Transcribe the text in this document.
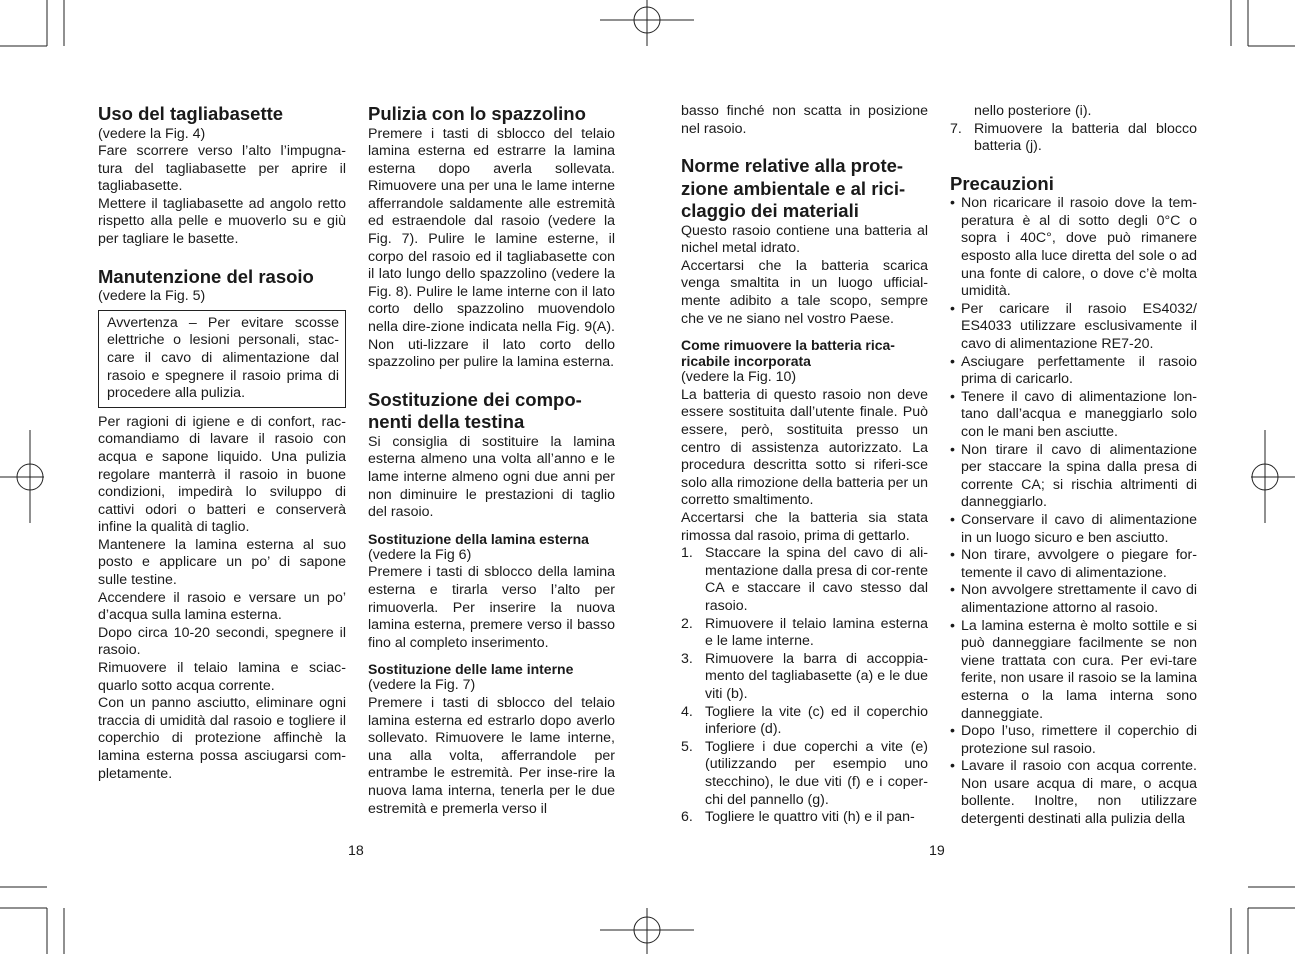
Uso del tagliabasette

(vedere la Fig. 4)

Fare scorrere verso l’alto l’impugna-tura del tagliabasette per aprire il tagliabasette.

Mettere il tagliabasette ad angolo retto rispetto alla pelle e muoverlo su e giù per tagliare le basette.

Manutenzione del rasoio

(vedere la Fig. 5)

Avvertenza – Per evitare scosse elettriche o lesioni personali, stac-care il cavo di alimentazione dal rasoio e spegnere il rasoio prima di procedere alla pulizia.

Per ragioni di igiene e di confort, rac-comandiamo di lavare il rasoio con acqua e sapone liquido. Una pulizia regolare manterrà il rasoio in buone condizioni, impedirà lo sviluppo di cattivi odori o batteri e conserverà infine la qualità di taglio.

Mantenere la lamina esterna al suo posto e applicare un po’ di sapone sulle testine.

Accendere il rasoio e versare un po’ d’acqua sulla lamina esterna.

Dopo circa 10-20 secondi, spegnere il rasoio.

Rimuovere il telaio lamina e sciac-quarlo sotto acqua corrente.

Con un panno asciutto, eliminare ogni traccia di umidità dal rasoio e togliere il coperchio di protezione affinchè la lamina esterna possa asciugarsi com-pletamente.

Pulizia con lo spazzolino

Premere i tasti di sblocco del telaio lamina esterna ed estrarre la lamina esterna dopo averla sollevata. Rimuovere una per una le lame interne afferrandole saldamente alle estremità ed estraendole dal rasoio (vedere la Fig. 7). Pulire le lamine esterne, il corpo del rasoio ed il tagliabasette con il lato lungo dello spazzolino (vedere la Fig. 8). Pulire le lame interne con il lato corto dello spazzolino muovendolo nella dire-zione indicata nella Fig. 9(A). Non uti-lizzare il lato corto dello spazzolino per pulire la lamina esterna.

Sostituzione dei compo-nenti della testina

Si consiglia di sostituire la lamina esterna almeno una volta all’anno e le lame interne almeno ogni due anni per non diminuire le prestazioni di taglio del rasoio.

Sostituzione della lamina esterna

(vedere la Fig 6)

Premere i tasti di sblocco della lamina esterna e tirarla verso l’alto per rimuoverla. Per inserire la nuova lamina esterna, premere verso il basso fino al completo inserimento.

Sostituzione delle lame interne

(vedere la Fig. 7)

Premere i tasti di sblocco del telaio lamina esterna ed estrarlo dopo averlo sollevato. Rimuovere le lame interne, una alla volta, afferrandole per entrambe le estremità. Per inse-rire la nuova lama interna, tenerla per le due estremità e premerla verso il

basso finché non scatta in posizione nel rasoio.

Norme relative alla prote-zione ambientale e al rici-claggio dei materiali

Questo rasoio contiene una batteria al nichel metal idrato.

Accertarsi che la batteria scarica venga smaltita in un luogo ufficial-mente adibito a tale scopo, sempre che ve ne siano nel vostro Paese.

Come rimuovere la batteria rica-ricabile incorporata

(vedere la Fig. 10)

La batteria di questo rasoio non deve essere sostituita dall’utente finale. Può essere, però, sostituita presso un centro di assistenza autorizzato. La procedura descritta sotto si riferi-sce solo alla rimozione della batteria per un corretto smaltimento.

Accertarsi che la batteria sia stata rimossa dal rasoio, prima di gettarlo.

1. Staccare la spina del cavo di ali-mentazione dalla presa di cor-rente CA e staccare il cavo stesso dal rasoio.
2. Rimuovere il telaio lamina esterna e le lame interne.
3. Rimuovere la barra di accoppia-mento del tagliabasette (a) e le due viti (b).
4. Togliere la vite (c) ed il coperchio inferiore (d).
5. Togliere i due coperchi a vite (e) (utilizzando per esempio uno stecchino), le due viti (f) e i coper-chi del pannello (g).
6. Togliere le quattro viti (h) e il pan-
nello posteriore (i).
7. Rimuovere la batteria dal blocco batteria (j).
Precauzioni
• Non ricaricare il rasoio dove la tem-peratura è al di sotto degli 0°C o sopra i 40C°, dove può rimanere esposto alla luce diretta del sole o ad una fonte di calore, o dove c’è molta umidità.
• Per caricare il rasoio ES4032/ ES4033 utilizzare esclusivamente il cavo di alimentazione RE7-20.
• Asciugare perfettamente il rasoio prima di caricarlo.
• Tenere il cavo di alimentazione lon-tano dall’acqua e maneggiarlo solo con le mani ben asciutte.
• Non tirare il cavo di alimentazione per staccare la spina dalla presa di corrente CA; si rischia altrimenti di danneggiarlo.
• Conservare il cavo di alimentazione in un luogo sicuro e ben asciutto.
• Non tirare, avvolgere o piegare for-temente il cavo di alimentazione.
• Non avvolgere strettamente il cavo di alimentazione attorno al rasoio.
• La lamina esterna è molto sottile e si può danneggiare facilmente se non viene trattata con cura. Per evi-tare ferite, non usare il rasoio se la lamina esterna o la lama interna sono danneggiate.
• Dopo l’uso, rimettere il coperchio di protezione sul rasoio.
• Lavare il rasoio con acqua corrente. Non usare acqua di mare, o acqua bollente. Inoltre, non utilizzare detergenti destinati alla pulizia della
18	19
